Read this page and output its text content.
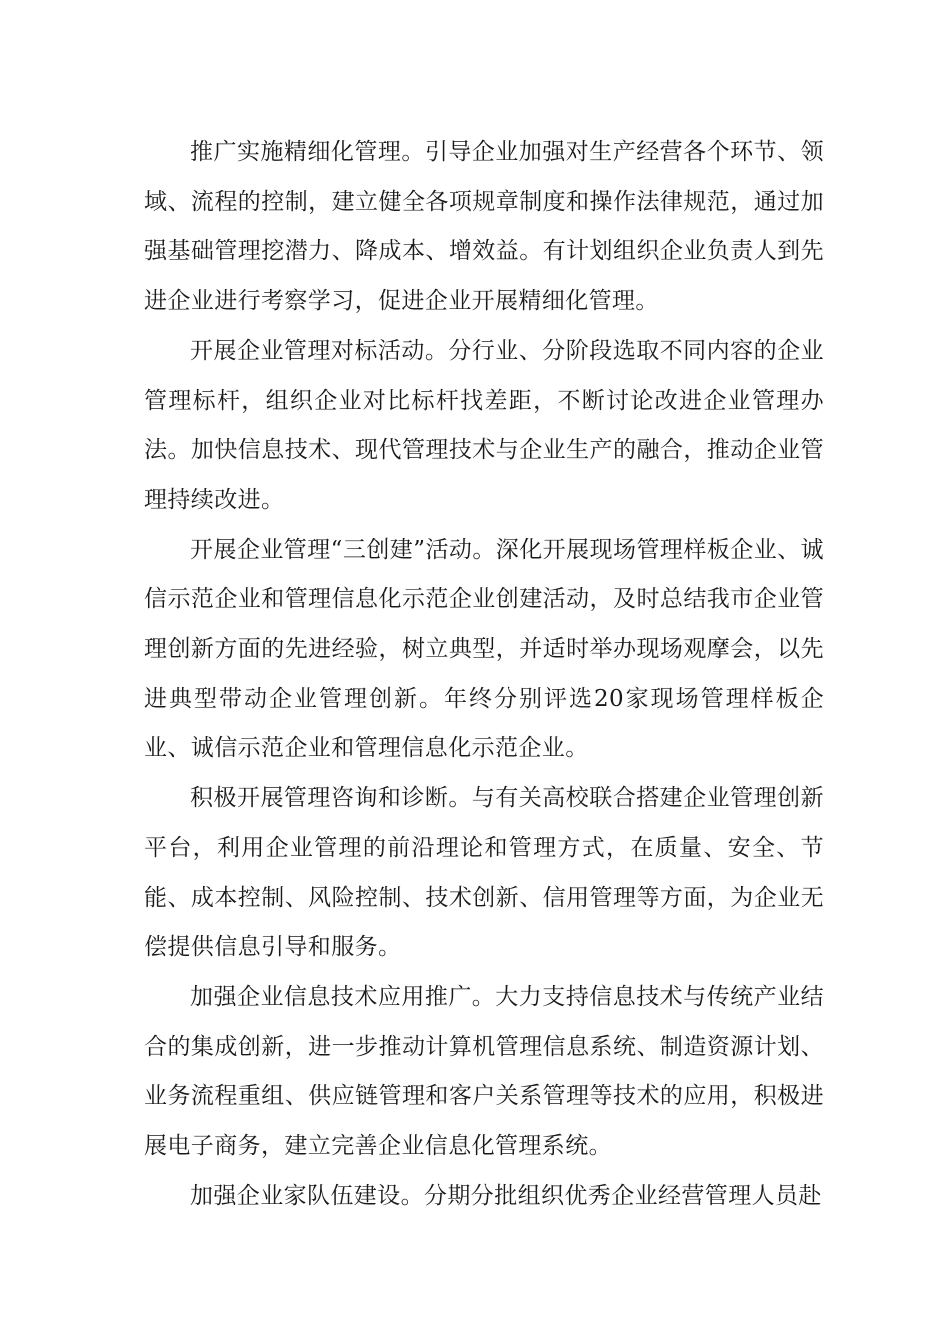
推广实施精细化管理。引导企业加强对生产经营各个环节、领域、流程的控制，建立健全各项规章制度和操作法律规范，通过加强基础管理挖潜力、降成本、增效益。有计划组织企业负责人到先进企业进行考察学习，促进企业开展精细化管理。

开展企业管理对标活动。分行业、分阶段选取不同内容的企业管理标杆，组织企业对比标杆找差距，不断讨论改进企业管理办法。加快信息技术、现代管理技术与企业生产的融合，推动企业管理持续改进。

开展企业管理“三创建”活动。深化开展现场管理样板企业、诚信示范企业和管理信息化示范企业创建活动，及时总结我市企业管理创新方面的先进经验，树立典型，并适时举办现场观摩会，以先进典型带动企业管理创新。年终分别评选20家现场管理样板企业、诚信示范企业和管理信息化示范企业。

积极开展管理咨询和诊断。与有关高校联合搭建企业管理创新平台，利用企业管理的前沿理论和管理方式，在质量、安全、节能、成本控制、风险控制、技术创新、信用管理等方面，为企业无偿提供信息引导和服务。

加强企业信息技术应用推广。大力支持信息技术与传统产业结合的集成创新，进一步推动计算机管理信息系统、制造资源计划、业务流程重组、供应链管理和客户关系管理等技术的应用，积极进展电子商务，建立完善企业信息化管理系统。

加强企业家队伍建设。分期分批组织优秀企业经营管理人员赴
